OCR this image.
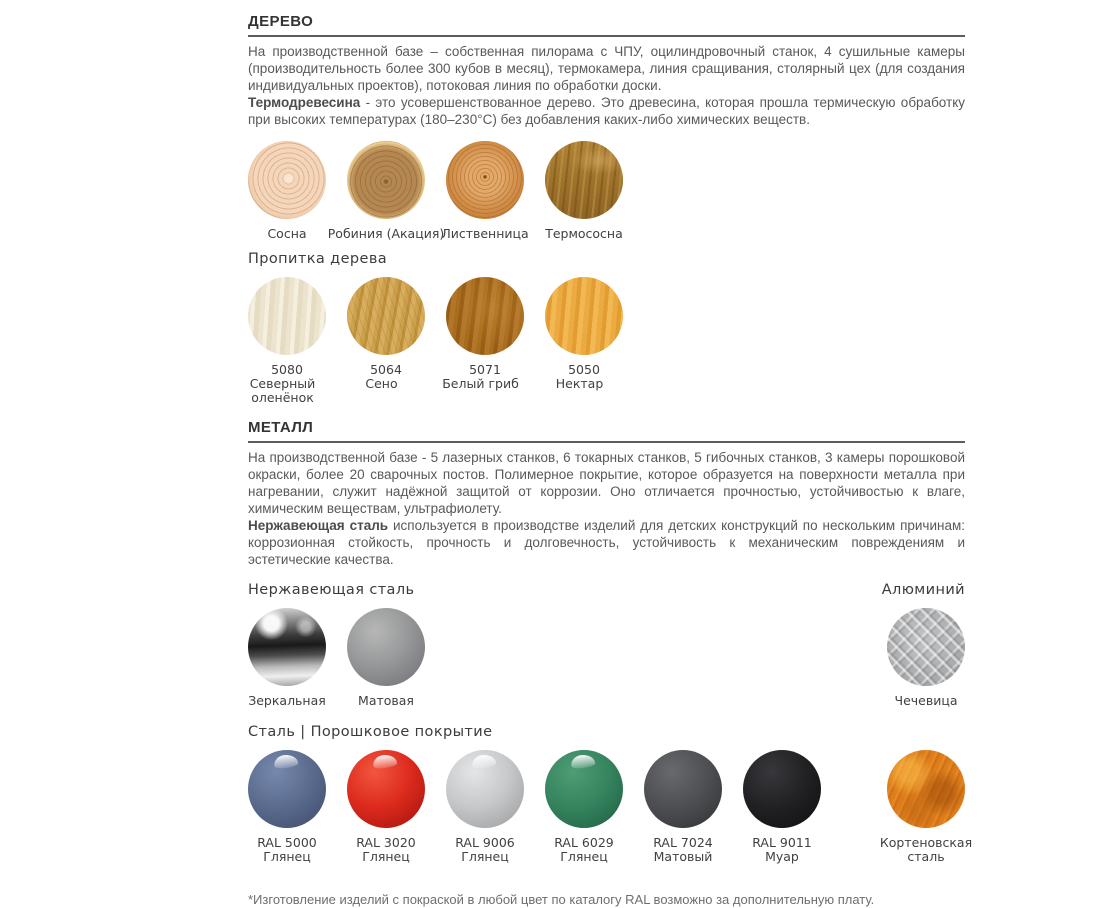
ДЕРЕВО

На производственной базе – собственная пилорама с ЧПУ, оцилиндровочный станок, 4 сушильные камеры (производительность более 300 кубов в месяц), термокамера, линия сращивания, столярный цех (для создания индивидуальных проектов), потоковая линия по обработки доски.

Термодревесина - это усовершенствованное дерево. Это древесина, которая прошла термическую обработку при высоких температурах (180–230°С) без добавления каких-либо химических веществ.

Сосна Робиния (Акация)
Лиственница Термососна
Пропитка дерева
5080
Северный оленёнок
5064
Сено
5071
Белый гриб
5050
Нектар
МЕТАЛЛ

На производственной базе - 5 лазерных станков, 6 токарных станков, 5 гибочных станков, 3 камеры порошковой окраски, более 20 сварочных постов. Полимерное покрытие, которое образуется на поверхности металла при нагревании, служит надёжной защитой от коррозии. Оно отличается прочностью, устойчивостью к влаге, химическим веществам, ультрафиолету.

Нержавеющая сталь используется в производстве изделий для детских конструкций по нескольким причинам: коррозионная стойкость, прочность и долговечность, устойчивость к механическим повреждениям и эстетические качества.

Нержавеющая сталь	Алюминий
Зеркальная	Матовая	Чечевица
Сталь | Порошковое покрытие
RAL 5000
Глянец
RAL 3020
Глянец
RAL 9006
Глянец
RAL 6029
Глянец
RAL 7024
Матовый
RAL 9011
Муар
Кортеновская
сталь
*Изготовление изделий с покраской в любой цвет по каталогу RAL возможно за дополнительную плату.
